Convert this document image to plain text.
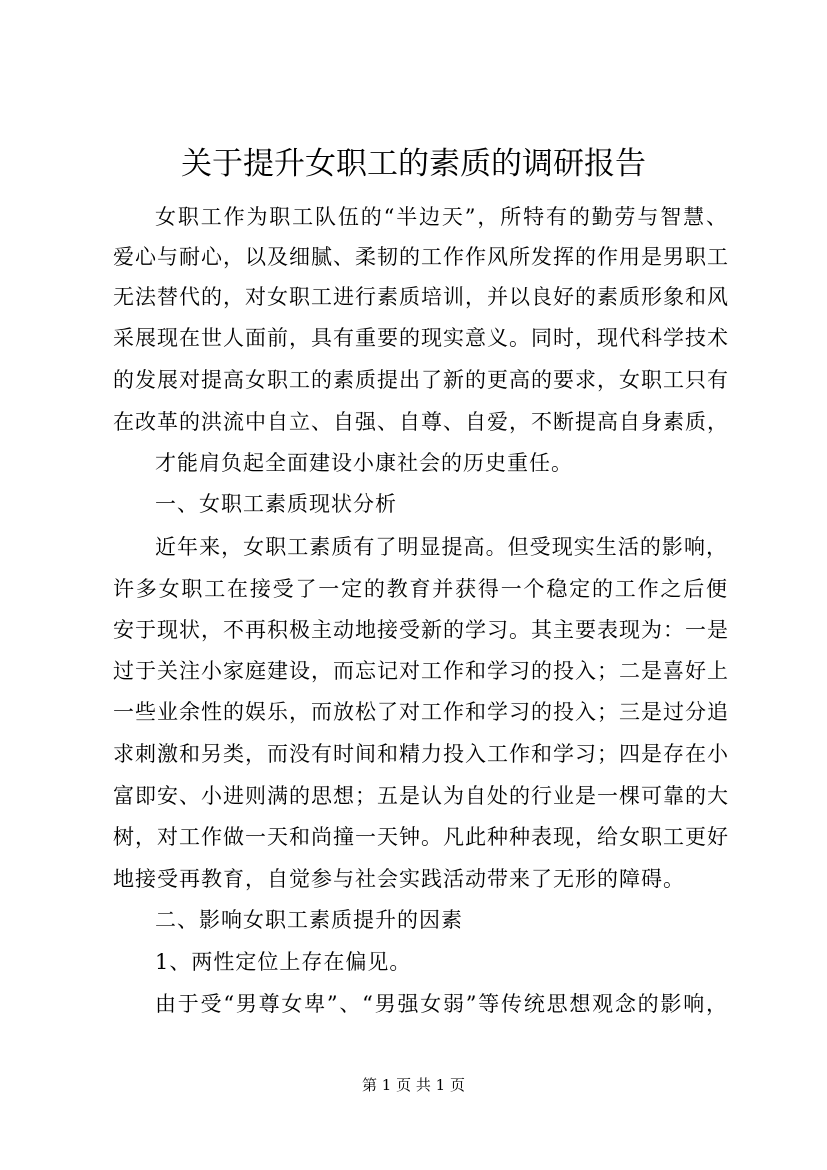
关于提升女职工的素质的调研报告
女职工作为职工队伍的“半边天”，所特有的勤劳与智慧、
爱心与耐心，以及细腻、柔韧的工作作风所发挥的作用是男职工
无法替代的，对女职工进行素质培训，并以良好的素质形象和风
采展现在世人面前，具有重要的现实意义。同时，现代科学技术
的发展对提高女职工的素质提出了新的更高的要求，女职工只有
在改革的洪流中自立、自强、自尊、自爱，不断提高自身素质，
才能肩负起全面建设小康社会的历史重任。
一、女职工素质现状分析
近年来，女职工素质有了明显提高。但受现实生活的影响，
许多女职工在接受了一定的教育并获得一个稳定的工作之后便
安于现状，不再积极主动地接受新的学习。其主要表现为：一是
过于关注小家庭建设，而忘记对工作和学习的投入；二是喜好上
一些业余性的娱乐，而放松了对工作和学习的投入；三是过分追
求刺激和另类，而没有时间和精力投入工作和学习；四是存在小
富即安、小进则满的思想；五是认为自处的行业是一棵可靠的大
树，对工作做一天和尚撞一天钟。凡此种种表现，给女职工更好
地接受再教育，自觉参与社会实践活动带来了无形的障碍。
二、影响女职工素质提升的因素
1、两性定位上存在偏见。
由于受“男尊女卑”、“男强女弱”等传统思想观念的影响，
第 1 页 共 1 页
